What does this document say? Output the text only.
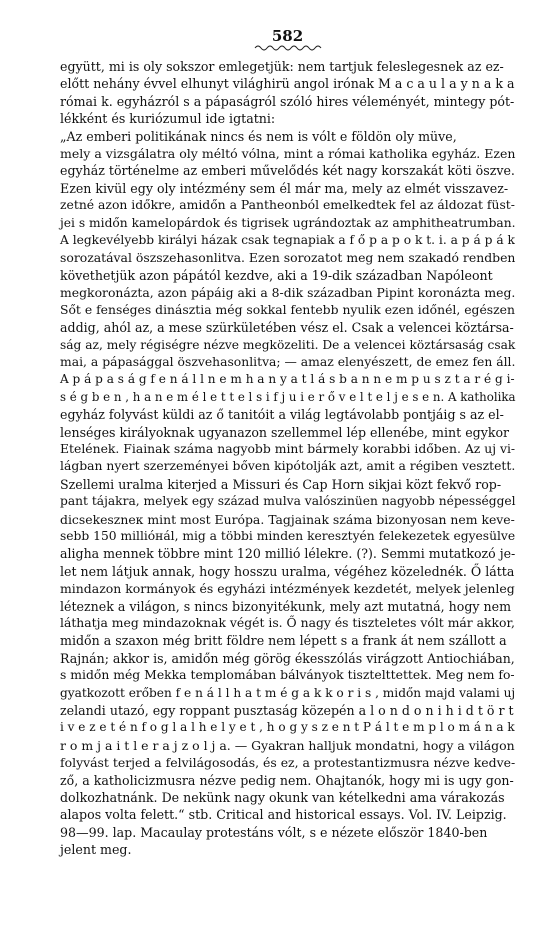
582
együtt, mi is oly sokszor emlegetjük: nem tartjuk feleslegesnek az ez-
előtt nehány évvel elhunyt világhirü angol irónak M a c a u l a y n a k a
római k. egyházról s a pápaságról szóló hires véleményét, mintegy pót-
lékként és kuriózumul ide igtatni:
„Az emberi politikának nincs és nem is vólt e földön oly müve,
mely a vizsgálatra oly méltó vólna, mint a római katholika egyház. Ezen
egyház történelme az emberi művelődés két nagy korszakát köti öszve.
Ezen kivül egy oly intézmény sem él már ma, mely az elmét visszavez-
zetné azon időkre, amidőn a Pantheonból emelkedtek fel az áldozat füst-
jei s midőn kamelopárdok és tigrisek ugrándoztak az amphitheatrumban.
A legkevélyebb királyi házak csak tegnapiak a f ő p a p o k t. i. a p á p á k
sorozatával öszszehasonlitva. Ezen sorozatot meg nem szakadó rendben
követhetjük azon pápától kezdve, aki a 19-dik században Napóleont
megkoronázta, azon pápáig aki a 8-dik században Pipint koronázta meg.
Sőt e fenséges dinásztia még sokkal fentebb nyulik ezen időnél, egészen
addig, ahól az, a mese szürkületében vész el. Csak a velencei köztársa-
ság az, mely régiségre nézve megközeliti. De a velencei köztársaság csak
mai, a pápasággal öszvehasonlitva; — amaz elenyészett, de emez fen áll.
A p á p a s á g f e n á l l n e m h a n y a t l á s b a n n e m p u s z t a r é g i-
s é g b e n , h a n e m é l e t t e l s i f j u i e r ő v e l t e l j e s e n. A katholika
egyház folyvást küldi az ő tanitóit a világ legtávolabb pontjáig s az el-
lenséges királyoknak ugyanazon szellemmel lép ellenébe, mint egykor
Etelének. Fiainak száma nagyobb mint bármely korabbi időben. Az uj vi-
lágban nyert szerzeményei bőven kipótolják azt, amit a régiben vesztett.
Szellemi uralma kiterjed a Missuri és Cap Horn sikjai közt fekvő rop-
pant tájakra, melyek egy század mulva valószinüen nagyobb népességgel
dicsekeszneк mint most Európa. Tagjainak száma bizonyosan nem keve-
sebb 150 millióнál, mig a többi minden keresztyén felekezetek egyesülve
aligha mennek többre mint 120 millió lélekre. (?). Semmi mutatkozó je-
let nem látjuk annak, hogy hosszu uralma, végéhez közelednék. Ő látta
mindazon kormányok és egyházi intézmények kezdetét, melyek jelenleg
léteznek a világon, s nincs bizonyitékunk, mely azt mutatná, hogy nem
láthatja meg mindazoknak végét is. Ő nagy és tiszteletes vólt már akkor,
midőn a szaxon még britt földre nem lépett s a frank át nem szállott a
Rajnán; akkor is, amidőn még görög ékesszólás virágzott Antiochiában,
s midőn még Mekka templomában bálványok tisztelttettek. Meg nem fo-
gyatkozott erőben f e n á l l h a t m é g a k k o r i s , midőn majd valami uj
zelandi utazó, egy roppant pusztaság közepén a l o n d o n i h i d t ö r t
i v e z e t é n f o g l a l h e l y e t , h o g y s z e n t P á l t e m p l o m á n a k
r o m j a i t l e r a j z o l j a. — Gyakran halljuk mondatni, hogy a világon
folyvást terjed a felvilágosodás, és ez, a protestantizmusra nézve kedve-
ző, a katholicizmusra nézve pedig nem. Ohajtanók, hogy mi is ugy gon-
dolkozhatnánk. De nekünk nagy okunk van kételkedni ama várakozás
alapos volta felett.“ stb. Critical and historical essays. Vol. IV. Leipzig.
98—99. lap. Macaulay protestáns vólt, s e nézete először 1840-ben
jelent meg.
